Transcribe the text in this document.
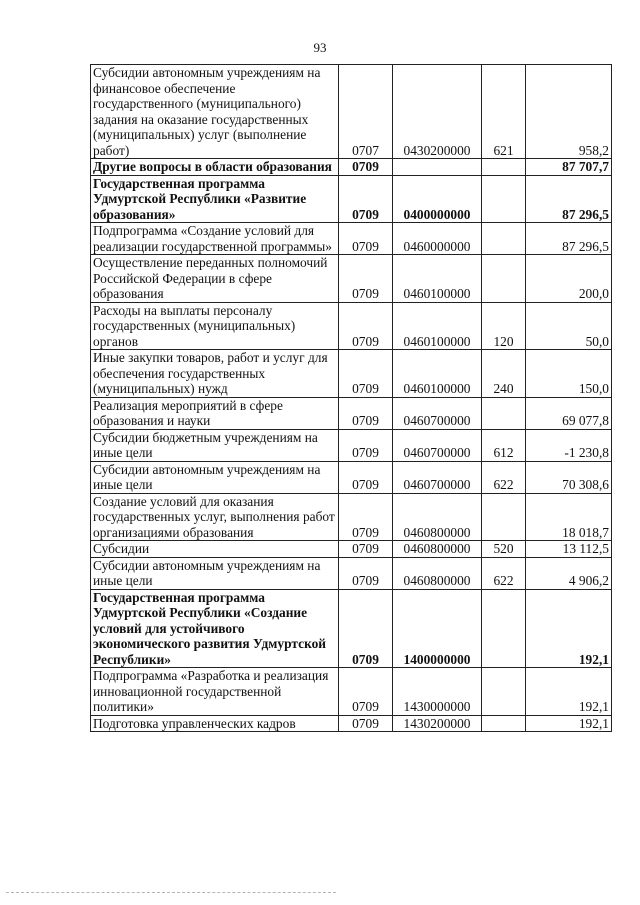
93
Субсидии автономным учреждениям на финансовое обеспечение государственного (муниципального) задания на оказание государственных (муниципальных) услуг (выполнение работ)	0707	0430200000	621	958,2
Другие вопросы в области образования	0709			87 707,7
Государственная программа Удмуртской Республики «Развитие образования»	0709	0400000000		87 296,5
Подпрограмма «Создание условий для реализации государственной программы»	0709	0460000000		87 296,5
Осуществление переданных полномочий Российской Федерации в сфере образования	0709	0460100000		200,0
Расходы на выплаты персоналу государственных (муниципальных) органов	0709	0460100000	120	50,0
Иные закупки товаров, работ и услуг для обеспечения государственных (муниципальных) нужд	0709	0460100000	240	150,0
Реализация мероприятий в сфере образования и науки	0709	0460700000		69 077,8
Субсидии бюджетным учреждениям на иные цели	0709	0460700000	612	-1 230,8
Субсидии автономным учреждениям на иные цели	0709	0460700000	622	70 308,6
Создание условий для оказания государственных услуг, выполнения работ организациями образования	0709	0460800000		18 018,7
Субсидии	0709	0460800000	520	13 112,5
Субсидии автономным учреждениям на иные цели	0709	0460800000	622	4 906,2
Государственная программа Удмуртской Республики «Создание условий для устойчивого экономического развития Удмуртской Республики»	0709	1400000000		192,1
Подпрограмма «Разработка и реализация инновационной государственной политики»	0709	1430000000		192,1
Подготовка управленческих кадров	0709	1430200000		192,1
